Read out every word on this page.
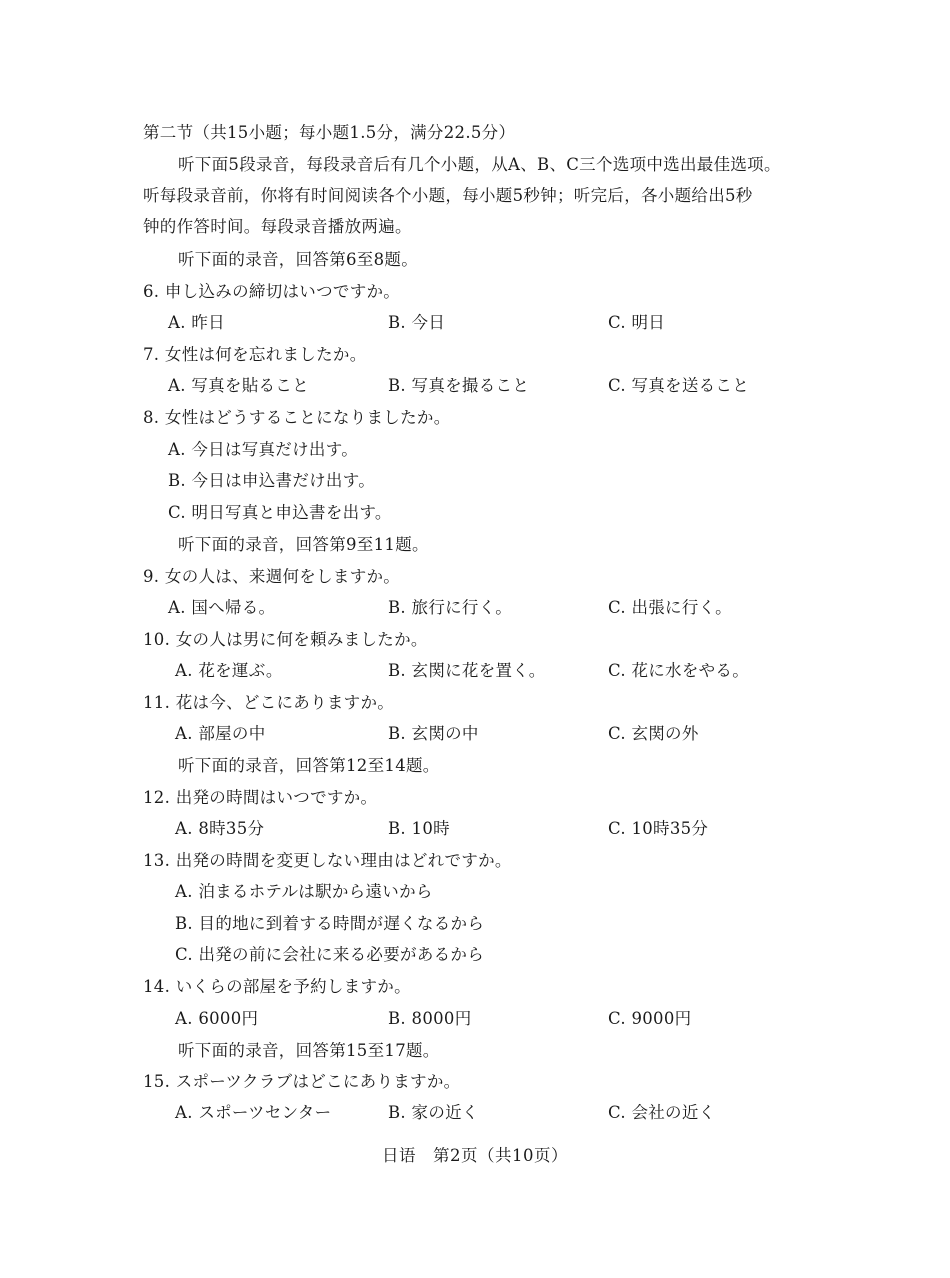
第二节（共15小题；每小题1.5分，满分22.5分）
听下面5段录音，每段录音后有几个小题，从A、B、C三个选项中选出最佳选项。
听每段录音前，你将有时间阅读各个小题，每小题5秒钟；听完后，各小题给出5秒
钟的作答时间。每段录音播放两遍。
听下面的录音，回答第6至8题。
6. 申し込みの締切はいつですか。
A. 昨日	B. 今日	C. 明日
7. 女性は何を忘れましたか。
A. 写真を貼ること	B. 写真を撮ること	C. 写真を送ること
8. 女性はどうすることになりましたか。
A. 今日は写真だけ出す。
B. 今日は申込書だけ出す。
C. 明日写真と申込書を出す。
听下面的录音，回答第9至11题。
9. 女の人は、来週何をしますか。
A. 国へ帰る。	B. 旅行に行く。	C. 出張に行く。
10. 女の人は男に何を頼みましたか。
A. 花を運ぶ。	B. 玄関に花を置く。	C. 花に水をやる。
11. 花は今、どこにありますか。
A. 部屋の中	B. 玄関の中	C. 玄関の外
听下面的录音，回答第12至14题。
12. 出発の時間はいつですか。
A. 8時35分	B. 10時	C. 10時35分
13. 出発の時間を変更しない理由はどれですか。
A. 泊まるホテルは駅から遠いから
B. 目的地に到着する時間が遅くなるから
C. 出発の前に会社に来る必要があるから
14. いくらの部屋を予約しますか。
A. 6000円	B. 8000円	C. 9000円
听下面的录音，回答第15至17题。
15. スポーツクラブはどこにありますか。
A. スポーツセンター	B. 家の近く	C. 会社の近く
日语　第2页（共10页）
